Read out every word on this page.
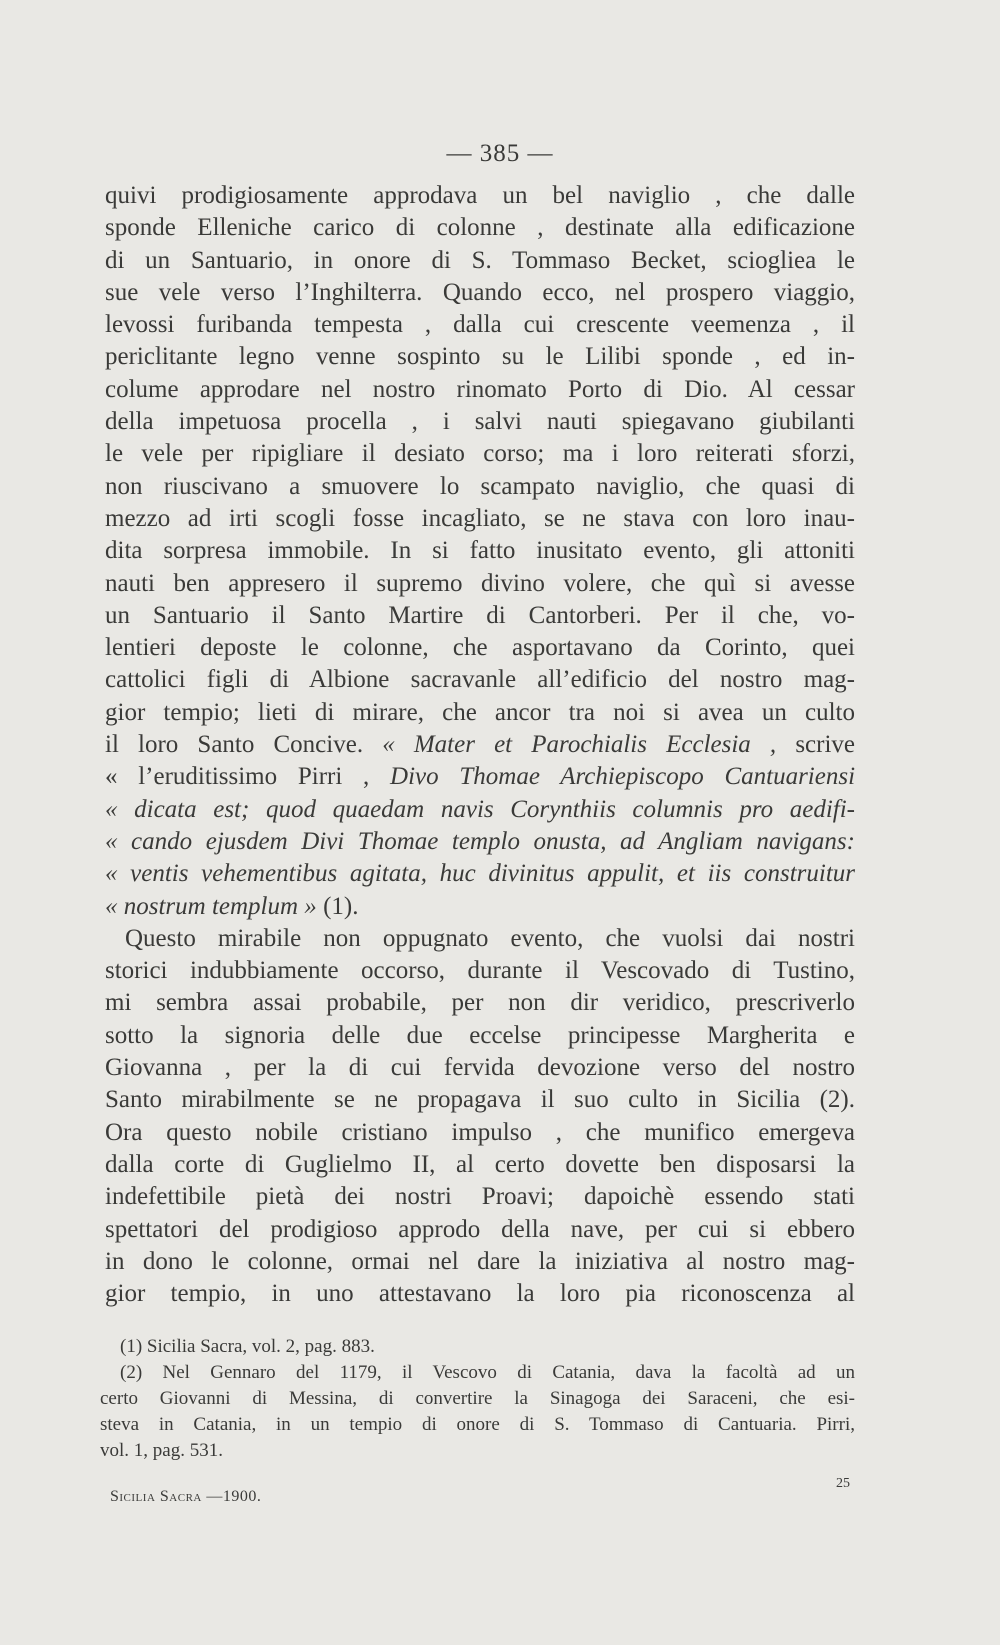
— 385 —
quivi prodigiosamente approdava un bel naviglio , che dalle
sponde Elleniche carico di colonne , destinate alla edificazione
di un Santuario, in onore di S. Tommaso Becket, sciogliea le
sue vele verso l’Inghilterra. Quando ecco, nel prospero viaggio,
levossi furibanda tempesta , dalla cui crescente veemenza , il
periclitante legno venne sospinto su le Lilibi sponde , ed in-
colume approdare nel nostro rinomato Porto di Dio. Al cessar
della impetuosa procella , i salvi nauti spiegavano giubilanti
le vele per ripigliare il desiato corso; ma i loro reiterati sforzi,
non riuscivano a smuovere lo scampato naviglio, che quasi di
mezzo ad irti scogli fosse incagliato, se ne stava con loro inau-
dita sorpresa immobile. In si fatto inusitato evento, gli attoniti
nauti ben appresero il supremo divino volere, che quì si avesse
un Santuario il Santo Martire di Cantorberi. Per il che, vo-
lentieri deposte le colonne, che asportavano da Corinto, quei
cattolici figli di Albione sacravanle all’edificio del nostro mag-
gior tempio; lieti di mirare, che ancor tra noi si avea un culto
il loro Santo Concive. « Mater et Parochialis Ecclesia , scrive
« l’eruditissimo Pirri , Divo Thomae Archiepiscopo Cantuariensi
« dicata est; quod quaedam navis Corynthiis columnis pro aedifi-
« cando ejusdem Divi Thomae templo onusta, ad Angliam navigans:
« ventis vehementibus agitata, huc divinitus appulit, et iis construitur
« nostrum templum » (1).
Questo mirabile non oppugnato evento, che vuolsi dai nostri
storici indubbiamente occorso, durante il Vescovado di Tustino,
mi sembra assai probabile, per non dir veridico, prescriverlo
sotto la signoria delle due eccelse principesse Margherita e
Giovanna , per la di cui fervida devozione verso del nostro
Santo mirabilmente se ne propagava il suo culto in Sicilia (2).
Ora questo nobile cristiano impulso , che munifico emergeva
dalla corte di Guglielmo II, al certo dovette ben disposarsi la
indefettibile pietà dei nostri Proavi; dapoichè essendo stati
spettatori del prodigioso approdo della nave, per cui si ebbero
in dono le colonne, ormai nel dare la iniziativa al nostro mag-
gior tempio, in uno attestavano la loro pia riconoscenza al
(1) Sicilia Sacra, vol. 2, pag. 883.
(2) Nel Gennaro del 1179, il Vescovo di Catania, dava la facoltà ad un
certo Giovanni di Messina, di convertire la Sinagoga dei Saraceni, che esi-
steva in Catania, in un tempio di onore di S. Tommaso di Cantuaria. Pirri,
vol. 1, pag. 531.
Sicilia Sacra —1900.
25
